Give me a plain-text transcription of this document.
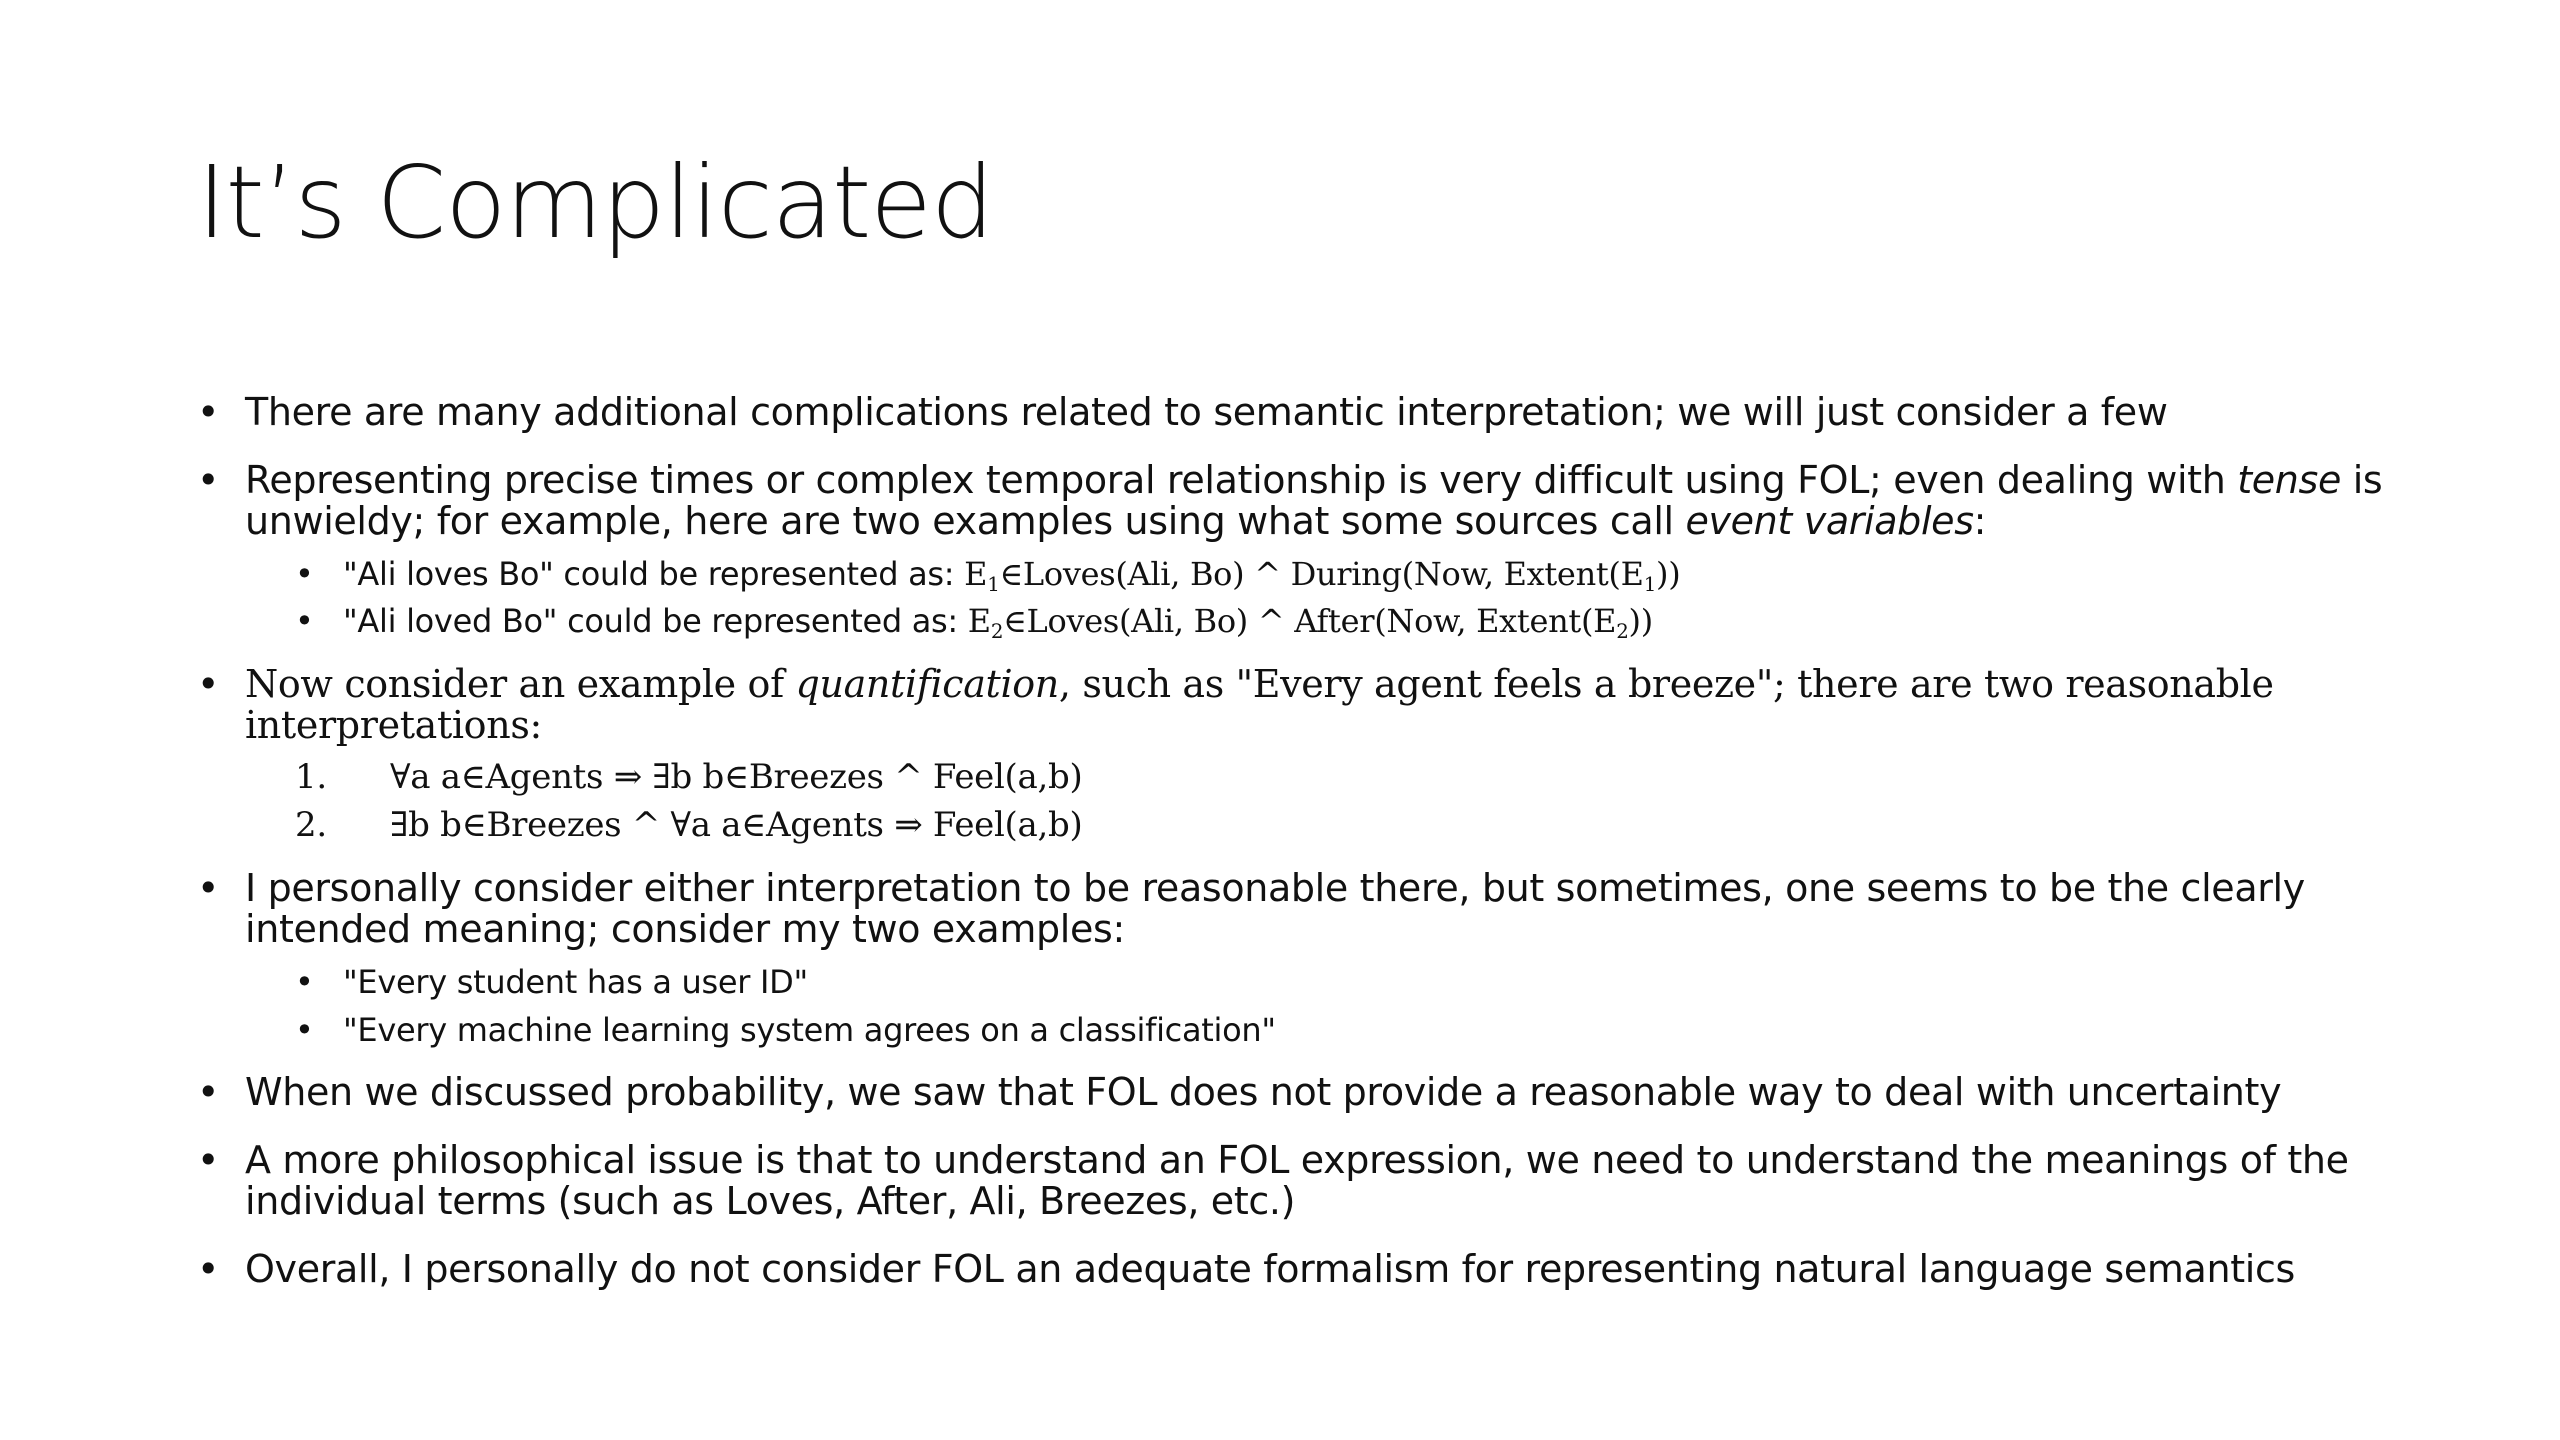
It’s Complicated
• There are many additional complications related to semantic interpretation; we will just consider a few
• Representing precise times or complex temporal relationship is very difficult using FOL; even dealing with tense is unwieldy; for example, here are two examples using what some sources call event variables:
• "Ali loves Bo" could be represented as: $E_1\in Loves(Ali$, Bo) ^ During(Now, $Extent(E_1)$)
• "Ali loved Bo" could be represented as: $E_2\in Loves(Ali$, Bo) ^ After(Now, $Extent(E_2)$)
• Now consider an example of quantification, such as "Every agent feels a breeze"; there are two reasonable interpretations:
1.	∀a a∈Agents ⇒ ∃b b∈Breezes ^ Feel(a,b)
2.	∃b b∈Breezes ^ ∀a a∈Agents ⇒ Feel(a,b)
• I personally consider either interpretation to be reasonable there, but sometimes, one seems to be the clearly intended meaning; consider my two examples:
• "Every student has a user ID"
• "Every machine learning system agrees on a classification"
• When we discussed probability, we saw that FOL does not provide a reasonable way to deal with uncertainty
• A more philosophical issue is that to understand an FOL expression, we need to understand the meanings of the individual terms (such as Loves, After, Ali, Breezes, etc.)
• Overall, I personally do not consider FOL an adequate formalism for representing natural language semantics
